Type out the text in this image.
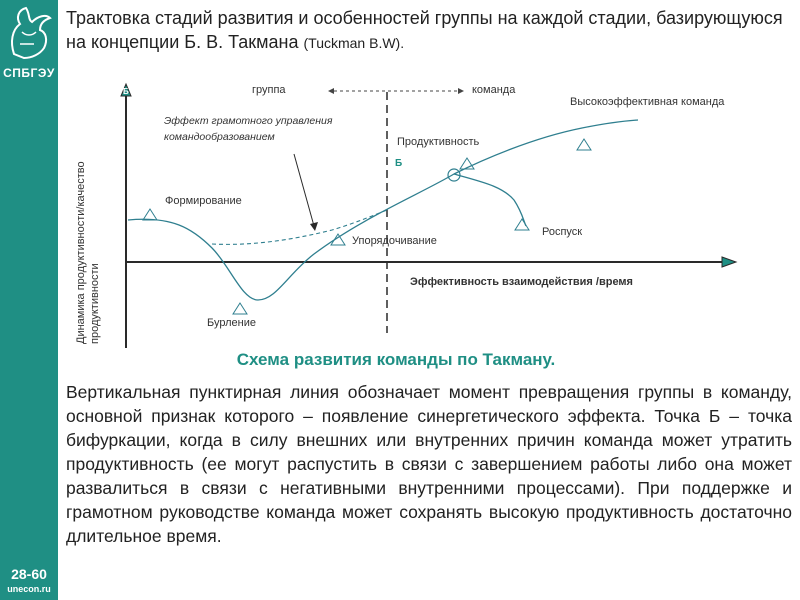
СПБГЭУ
28-60
unecon.ru
Трактовка стадий развития и особенностей группы на каждой стадии, базирующуюся на концепции Б. В. Такмана (Tuckman B.W).
Б
Динамика продуктивности/качество продуктивности
группа	команда
Б
Эффект грамотного управления
командообразованием
Формирование
Бурление
Упорядочивание
Продуктивность
Высокоэффективная команда
Роспуск
Эффективность взаимодействия /время
Схема развития команды по Такману.
Вертикальная пунктирная линия обозначает момент превращения группы в команду, основной признак которого – появление синергетического эффекта. Точка Б – точка бифуркации, когда в силу внешних или внутренних причин команда может утратить продуктивность (ее могут распустить в связи с завершением работы либо она может развалиться в связи с негативными внутренними процессами). При поддержке и грамотном руководстве команда может сохранять высокую продуктивность достаточно длительное время.
